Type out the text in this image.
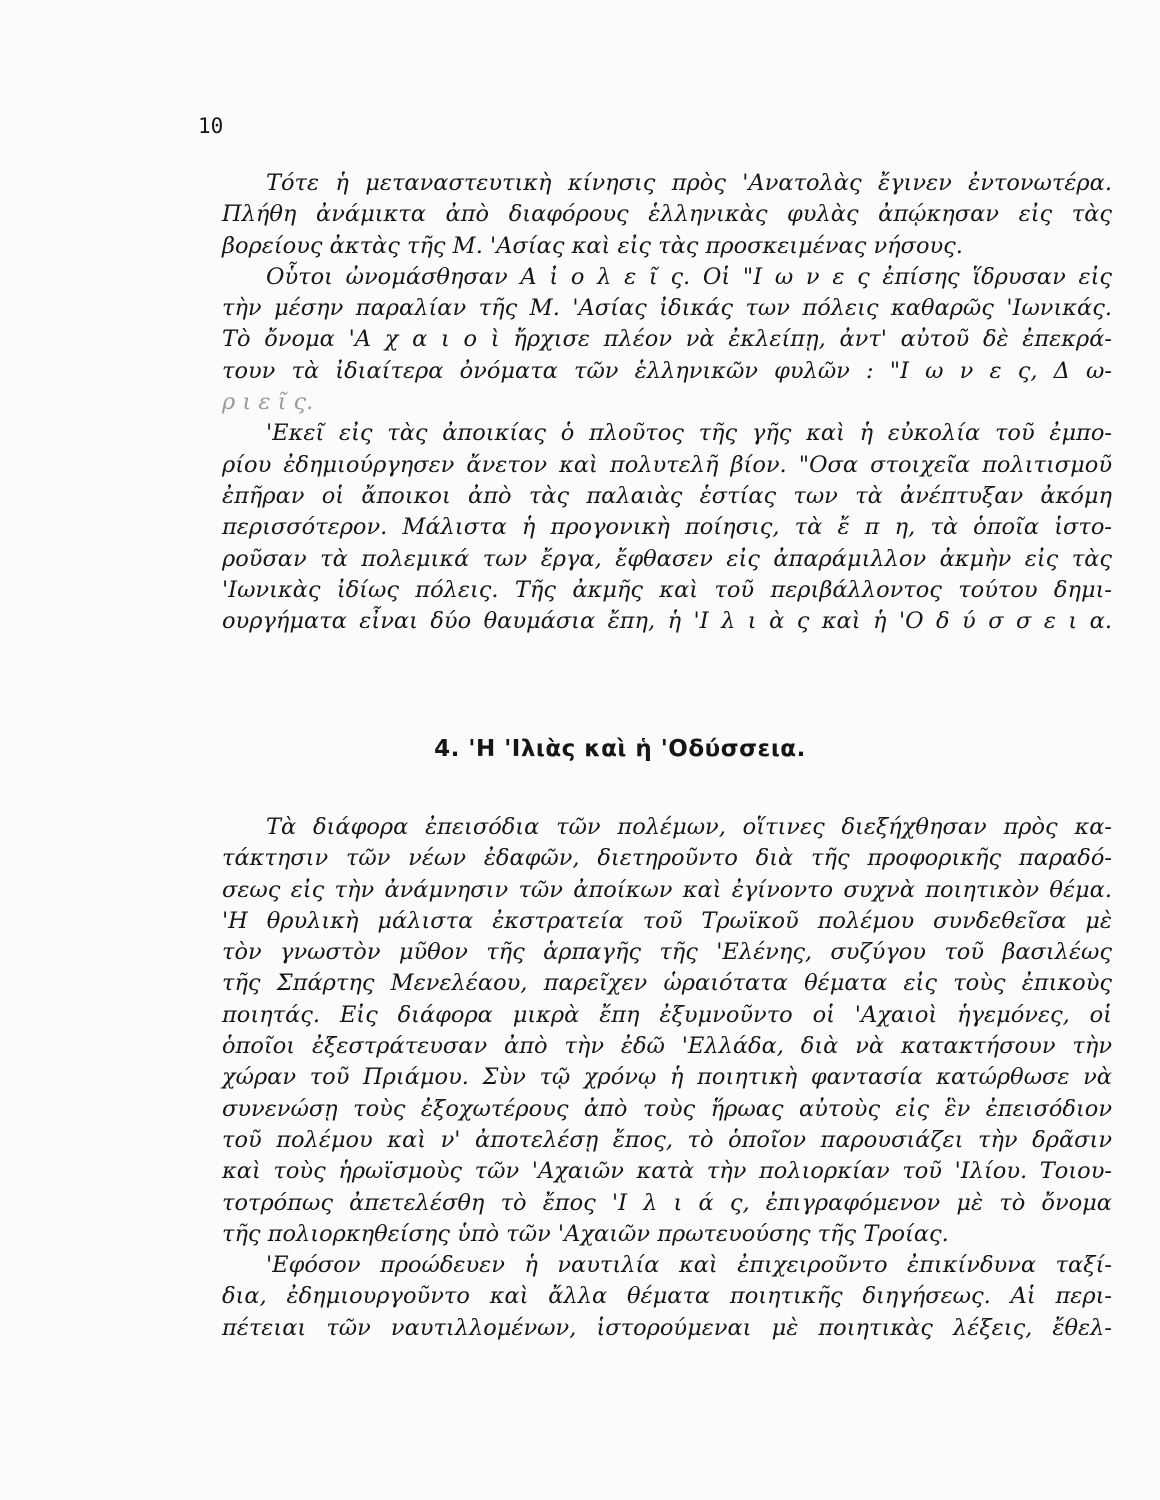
10
Τότε ἡ μεταναστευτικὴ κίνησις πρὸς 'Ανατολὰς ἔγινεν ἐντονωτέρα.
Πλήθη ἀνάμικτα ἀπὸ διαφόρους ἑλληνικὰς φυλὰς ἀπῴκησαν εἰς τὰς
βορείους ἀκτὰς τῆς Μ. 'Ασίας καὶ εἰς τὰς προσκειμένας νήσους.
Οὗτοι ὠνομάσθησαν Α ἰ ο λ ε ῖ ς. Οἱ "Ι ω ν ε ς ἐπίσης ἵδρυσαν εἰς
τὴν μέσην παραλίαν τῆς Μ. 'Ασίας ἰδικάς των πόλεις καθαρῶς 'Ιωνικάς.
Τὸ ὄνομα 'Α χ α ι ο ὶ ἤρχισε πλέον νὰ ἐκλείπῃ, ἀντ' αὐτοῦ δὲ ἐπεκρά-
τουν τὰ ἰδιαίτερα ὀνόματα τῶν ἑλληνικῶν φυλῶν : "Ι ω ν ε ς, Δ ω-
ρ ι ε ῖ ς.
'Εκεῖ εἰς τὰς ἀποικίας ὁ πλοῦτος τῆς γῆς καὶ ἡ εὐκολία τοῦ ἐμπο-
ρίου ἐδημιούργησεν ἄνετον καὶ πολυτελῆ βίον. "Οσα στοιχεῖα πολιτισμοῦ
ἐπῆραν οἱ ἄποικοι ἀπὸ τὰς παλαιὰς ἑστίας των τὰ ἀνέπτυξαν ἀκόμη
περισσότερον. Μάλιστα ἡ προγονικὴ ποίησις, τὰ ἔ π η, τὰ ὁποῖα ἱστο-
ροῦσαν τὰ πολεμικά των ἔργα, ἔφθασεν εἰς ἀπαράμιλλον ἀκμὴν εἰς τὰς
'Ιωνικὰς ἰδίως πόλεις. Τῆς ἀκμῆς καὶ τοῦ περιβάλλοντος τούτου δημι-
ουργήματα εἶναι δύο θαυμάσια ἔπη, ἡ 'Ι λ ι ὰ ς καὶ ἡ 'Ο δ ύ σ σ ε ι α.
4. 'Η 'Ιλιὰς καὶ ἡ 'Οδύσσεια.
Τὰ διάφορα ἐπεισόδια τῶν πολέμων, οἵτινες διεξήχθησαν πρὸς κα-
τάκτησιν τῶν νέων ἐδαφῶν, διετηροῦντο διὰ τῆς προφορικῆς παραδό-
σεως εἰς τὴν ἀνάμνησιν τῶν ἀποίκων καὶ ἐγίνοντο συχνὰ ποιητικὸν θέμα.
'Η θρυλικὴ μάλιστα ἐκστρατεία τοῦ Τρωϊκοῦ πολέμου συνδεθεῖσα μὲ
τὸν γνωστὸν μῦθον τῆς ἁρπαγῆς τῆς 'Ελένης, συζύγου τοῦ βασιλέως
τῆς Σπάρτης Μενελέαου, παρεῖχεν ὡραιότατα θέματα εἰς τοὺς ἐπικοὺς
ποιητάς. Εἰς διάφορα μικρὰ ἔπη ἐξυμνοῦντο οἱ 'Αχαιοὶ ἡγεμόνες, οἱ
ὁποῖοι ἐξεστράτευσαν ἀπὸ τὴν ἐδῶ 'Ελλάδα, διὰ νὰ κατακτήσουν τὴν
χώραν τοῦ Πριάμου. Σὺν τῷ χρόνῳ ἡ ποιητικὴ φαντασία κατώρθωσε νὰ
συνενώσῃ τοὺς ἐξοχωτέρους ἀπὸ τοὺς ἥρωας αὐτοὺς εἰς ἓν ἐπεισόδιον
τοῦ πολέμου καὶ ν' ἀποτελέσῃ ἔπος, τὸ ὁποῖον παρουσιάζει τὴν δρᾶσιν
καὶ τοὺς ἡρωϊσμοὺς τῶν 'Αχαιῶν κατὰ τὴν πολιορκίαν τοῦ 'Ιλίου. Τοιου-
τοτρόπως ἀπετελέσθη τὸ ἔπος 'Ι λ ι ά ς, ἐπιγραφόμενον μὲ τὸ ὄνομα
τῆς πολιορκηθείσης ὑπὸ τῶν 'Αχαιῶν πρωτευούσης τῆς Τροίας.
'Εφόσον προώδευεν ἡ ναυτιλία καὶ ἐπιχειροῦντο ἐπικίνδυνα ταξί-
δια, ἐδημιουργοῦντο καὶ ἄλλα θέματα ποιητικῆς διηγήσεως. Αἱ περι-
πέτειαι τῶν ναυτιλλομένων, ἱστορούμεναι μὲ ποιητικὰς λέξεις, ἔθελ-
